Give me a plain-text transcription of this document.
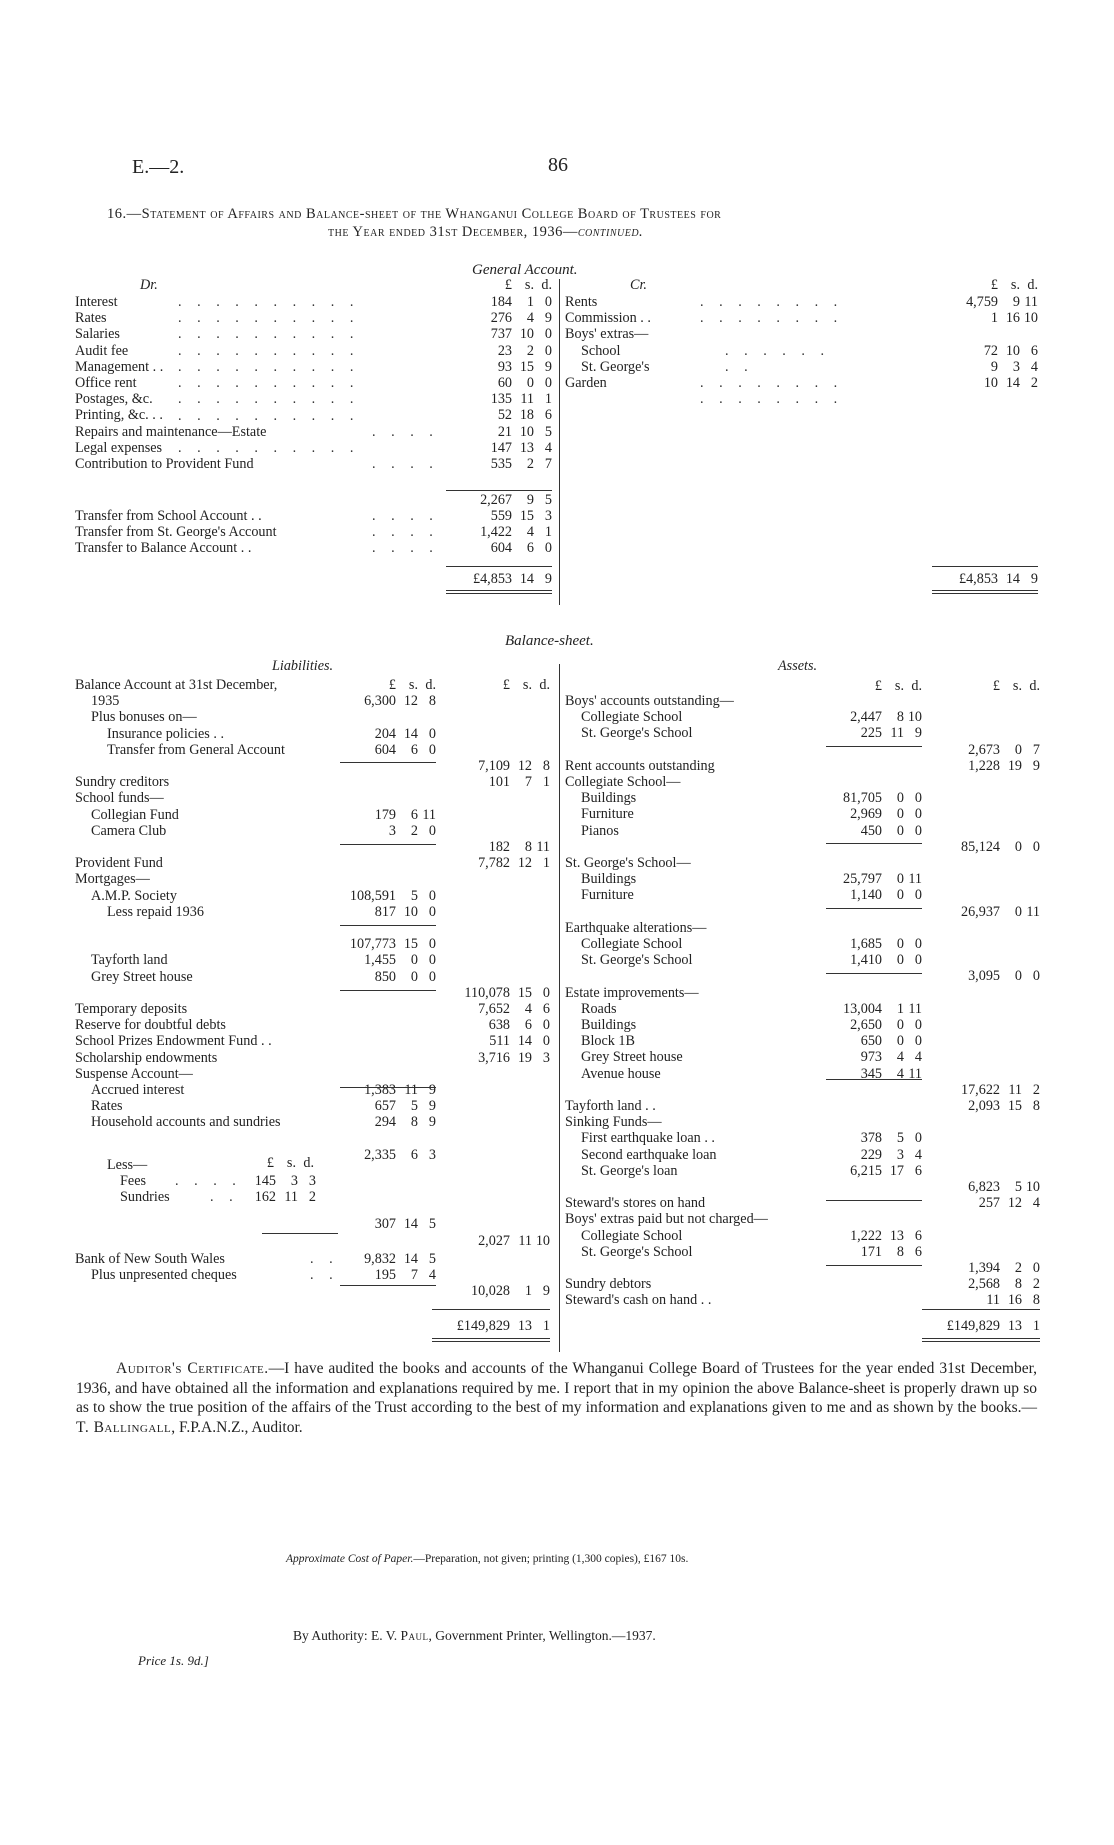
E.—2.	86
16.—Statement of Affairs and Balance-sheet of the Whanganui College Board of Trustees for
the Year ended 31st December, 1936—continued.
General Account.
Dr.	£ s. d.	Cr.	£ s. d.
Interest	184 1 0
Rates	276 4 9
Salaries	737 10 0
Audit fee	23 2 0
Management . .	93 15 9
Office rent	60 0 0
Postages, &c.	135 11 1
Printing, &c. . .	52 18 6
Repairs and maintenance—Estate	21 10 5
Legal expenses	147 13 4
Contribution to Provident Fund	535 2 7
2,267 9 5
Transfer from School Account . .	559 15 3
Transfer from St. George's Account	1,422 4 1
Transfer to Balance Account . .	604 6 0
£4,853 14 9
Rents	4,759 9 11
Commission . .	1 16 10
Boys' extras—
School	72 10 6
St. George's	9 3 4
Garden	10 14 2
£4,853 14 9
. . . . . . . . . .
. . . . . . . . . .
. . . . . . . . . .
. . . . . . . . . .
. . . . . . . . . .
. . . . . . . . . .
. . . . . . . . . .
. . . . . . . . . .
. . . . . . . . . .
. . . .
. . . .
. . . .
. . . .
. . . .
. . . . . . . .
. . . . . . . .
. .
. . . . . . . .
. . . . . . . .
. . . . . .
Balance-sheet.
Liabilities.	Assets.
£ s. d.	£ s. d.	£ s. d.	£ s. d.
Balance Account at 31st December,
1935	6,300 12 8
Plus bonuses on—
Insurance policies . .	204 14 0
Transfer from General Account	604 6 0
7,109 12 8
Sundry creditors	101 7 1
School funds—
Collegian Fund	179 6 11
Camera Club	3 2 0
182 8 11
Provident Fund	7,782 12 1
Mortgages—
A.M.P. Society	108,591 5 0
Less repaid 1936	817 10 0
107,773 15 0
Tayforth land	1,455 0 0
Grey Street house	850 0 0
110,078 15 0
Temporary deposits	7,652 4 6
Reserve for doubtful debts	638 6 0
School Prizes Endowment Fund . .	511 14 0
Scholarship endowments	3,716 19 3
Suspense Account—
Accrued interest	1,383 11 9
Rates	657 5 9
Household accounts and sundries	294 8 9
2,335 6 3
Less—	£ s. d.
Fees . . . . 145 3 3
Sundries	. .	162 11 2
307 14 5
2,027 11 10
Bank of New South Wales	. .	9,832 14 5
Plus unpresented cheques	. .	195 7 4
10,028 1 9
£149,829 13 1
Boys' accounts outstanding—
Collegiate School	2,447 8 10
St. George's School	225 11 9
2,673 0 7
Rent accounts outstanding	1,228 19 9
Collegiate School—
Buildings	81,705 0 0
Furniture	2,969 0 0
Pianos	450 0 0
85,124 0 0
St. George's School—
Buildings	25,797 0 11
Furniture	1,140 0 0
26,937 0 11
Earthquake alterations—
Collegiate School	1,685 0 0
St. George's School	1,410 0 0
3,095 0 0
Estate improvements—
Roads	13,004 1 11
Buildings	2,650 0 0
Block 1B	650 0 0
Grey Street house	973 4 4
Avenue house	345 4 11
17,622 11 2
Tayforth land . .	2,093 15 8
Sinking Funds—
First earthquake loan . .	378 5 0
Second earthquake loan	229 3 4
St. George's loan	6,215 17 6
6,823 5 10
Steward's stores on hand	257 12 4
Boys' extras paid but not charged—
Collegiate School	1,222 13 6
St. George's School	171 8 6
1,394 2 0
Sundry debtors	2,568 8 2
Steward's cash on hand . .	11 16 8
£149,829 13 1
Auditor's Certificate.—I have audited the books and accounts of the Whanganui College Board of Trustees for the year ended 31st December, 1936, and have obtained all the information and explanations required by me. I report that in my opinion the above Balance-sheet is properly drawn up so as to show the true position of the affairs of the Trust according to the best of my information and explanations given to me and as shown by the books.—T. Ballingall, F.P.A.N.Z., Auditor.
Approximate Cost of Paper.—Preparation, not given; printing (1,300 copies), £167 10s.
By Authority: E. V. Paul, Government Printer, Wellington.—1937.
Price 1s. 9d.]
